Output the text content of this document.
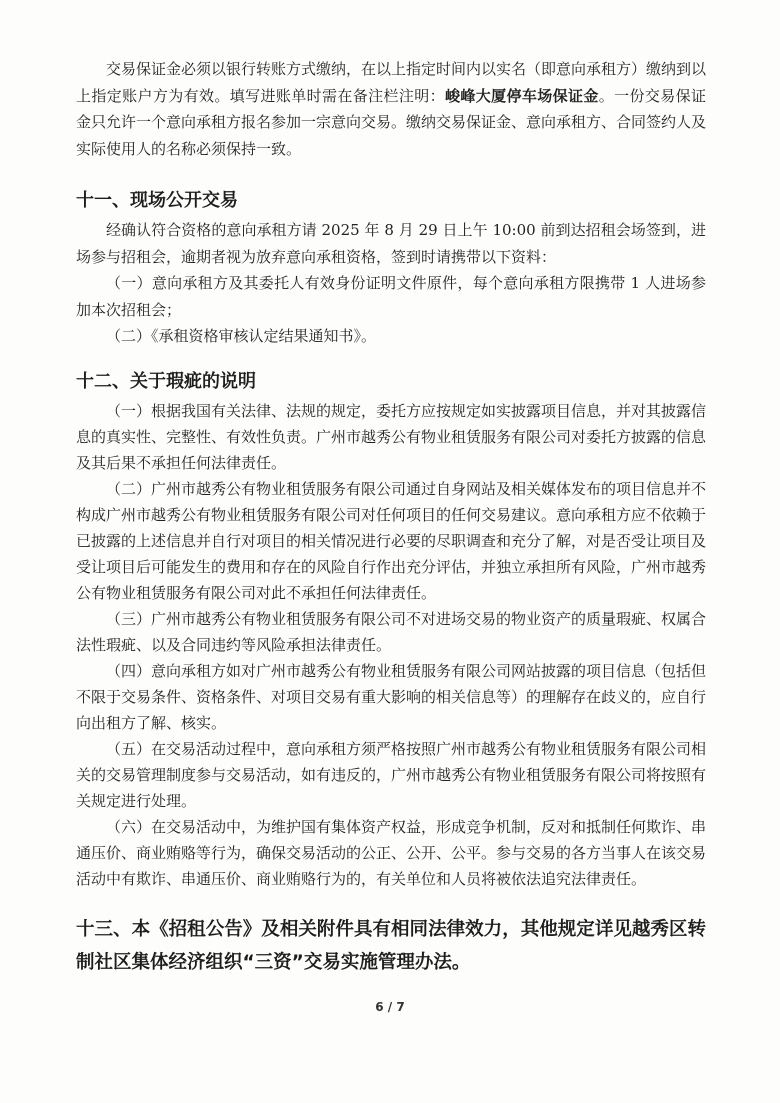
交易保证金必须以银行转账方式缴纳，在以上指定时间内以实名（即意向承租方）缴纳到以上指定账户方为有效。填写进账单时需在备注栏注明：峻峰大厦停车场保证金。一份交易保证金只允许一个意向承租方报名参加一宗意向交易。缴纳交易保证金、意向承租方、合同签约人及实际使用人的名称必须保持一致。

十一、现场公开交易

经确认符合资格的意向承租方请 2025 年 8 月 29 日上午 10:00 前到达招租会场签到，进场参与招租会，逾期者视为放弃意向承租资格，签到时请携带以下资料：

（一）意向承租方及其委托人有效身份证明文件原件，每个意向承租方限携带 1 人进场参加本次招租会；

（二）《承租资格审核认定结果通知书》。

十二、关于瑕疵的说明

（一）根据我国有关法律、法规的规定，委托方应按规定如实披露项目信息，并对其披露信息的真实性、完整性、有效性负责。广州市越秀公有物业租赁服务有限公司对委托方披露的信息及其后果不承担任何法律责任。

（二）广州市越秀公有物业租赁服务有限公司通过自身网站及相关媒体发布的项目信息并不构成广州市越秀公有物业租赁服务有限公司对任何项目的任何交易建议。意向承租方应不依赖于已披露的上述信息并自行对项目的相关情况进行必要的尽职调查和充分了解，对是否受让项目及受让项目后可能发生的费用和存在的风险自行作出充分评估，并独立承担所有风险，广州市越秀公有物业租赁服务有限公司对此不承担任何法律责任。

（三）广州市越秀公有物业租赁服务有限公司不对进场交易的物业资产的质量瑕疵、权属合法性瑕疵、以及合同违约等风险承担法律责任。

（四）意向承租方如对广州市越秀公有物业租赁服务有限公司网站披露的项目信息（包括但不限于交易条件、资格条件、对项目交易有重大影响的相关信息等）的理解存在歧义的，应自行向出租方了解、核实。

（五）在交易活动过程中，意向承租方须严格按照广州市越秀公有物业租赁服务有限公司相关的交易管理制度参与交易活动，如有违反的，广州市越秀公有物业租赁服务有限公司将按照有关规定进行处理。

（六）在交易活动中，为维护国有集体资产权益，形成竞争机制，反对和抵制任何欺诈、串通压价、商业贿赂等行为，确保交易活动的公正、公开、公平。参与交易的各方当事人在该交易活动中有欺诈、串通压价、商业贿赂行为的，有关单位和人员将被依法追究法律责任。

十三、本《招租公告》及相关附件具有相同法律效力，其他规定详见越秀区转制社区集体经济组织“三资”交易实施管理办法。
6 / 7
